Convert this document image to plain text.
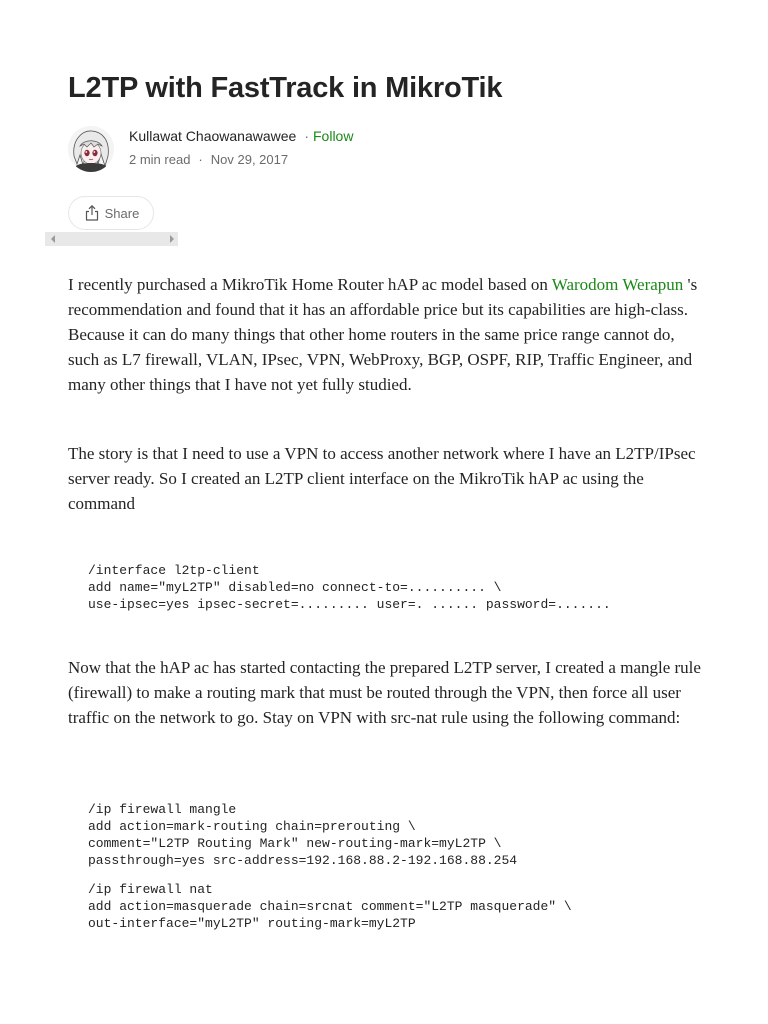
L2TP with FastTrack in MikroTik
Kullawat Chaowanawawee · Follow
2 min read · Nov 29, 2017
Share

I recently purchased a MikroTik Home Router hAP ac model based on Warodom Werapun 's recommendation and found that it has an affordable price but its capabilities are high-class. Because it can do many things that other home routers in the same price range cannot do, such as L7 firewall, VLAN, IPsec, VPN, WebProxy, BGP, OSPF, RIP, Traffic Engineer, and many other things that I have not yet fully studied.

The story is that I need to use a VPN to access another network where I have an L2TP/IPsec server ready. So I created an L2TP client interface on the MikroTik hAP ac using the command

/interface l2tp-client
add name="myL2TP" disabled=no connect-to=.......... \
use-ipsec=yes ipsec-secret=......... user=. ...... password=.......

Now that the hAP ac has started contacting the prepared L2TP server, I created a mangle rule (firewall) to make a routing mark that must be routed through the VPN, then force all user traffic on the network to go. Stay on VPN with src-nat rule using the following command:

/ip firewall mangle
add action=mark-routing chain=prerouting \
comment="L2TP Routing Mark" new-routing-mark=myL2TP \
passthrough=yes src-address=192.168.88.2-192.168.88.254
/ip firewall nat
add action=masquerade chain=srcnat comment="L2TP masquerade" \
out-interface="myL2TP" routing-mark=myL2TP
